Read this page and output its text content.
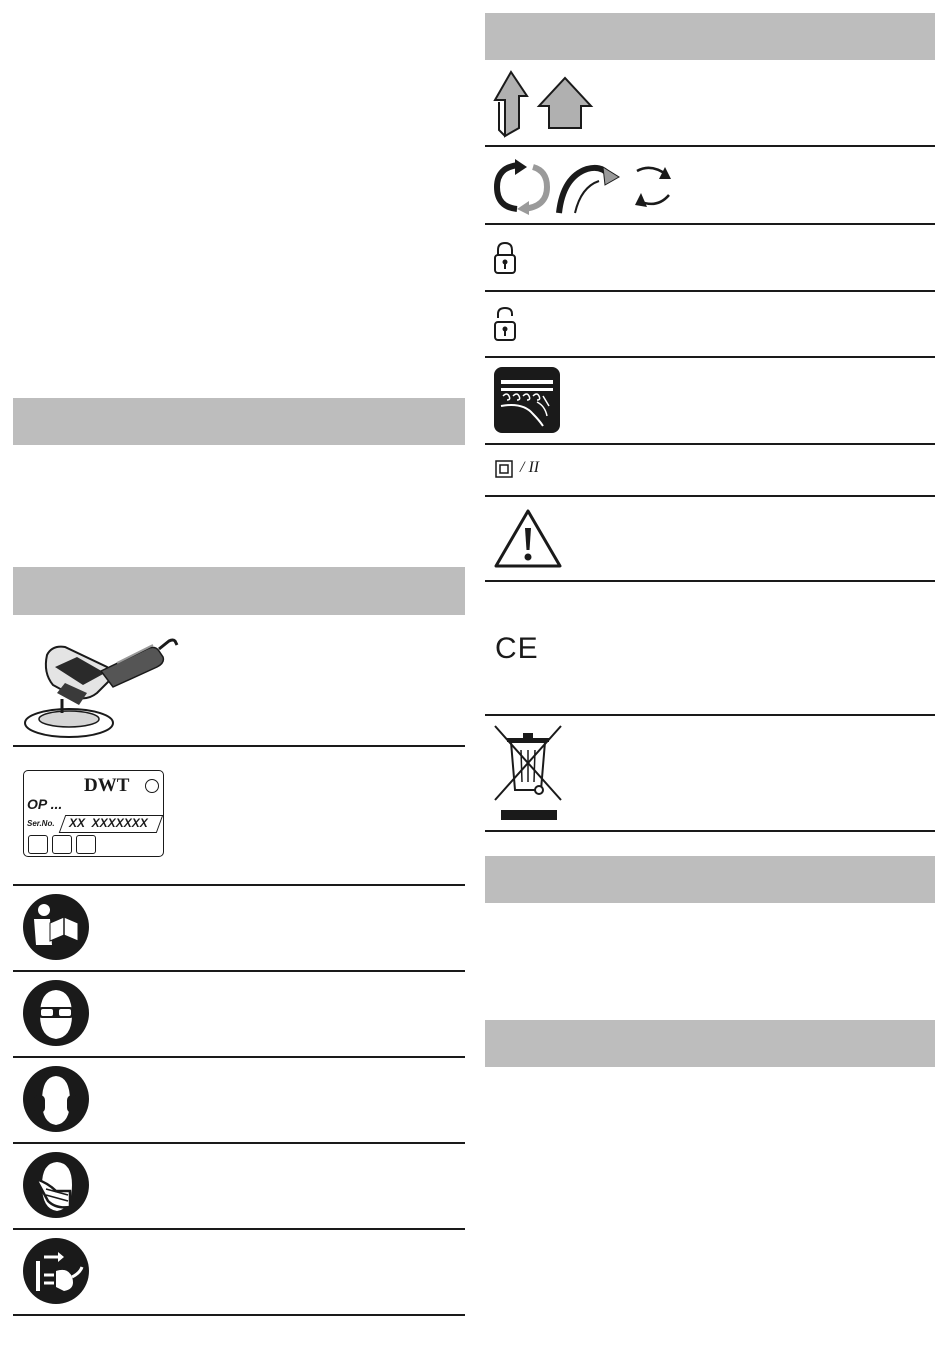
DWT
OP ...
Ser.No. XX  XXXXXXX
/ II
CE
